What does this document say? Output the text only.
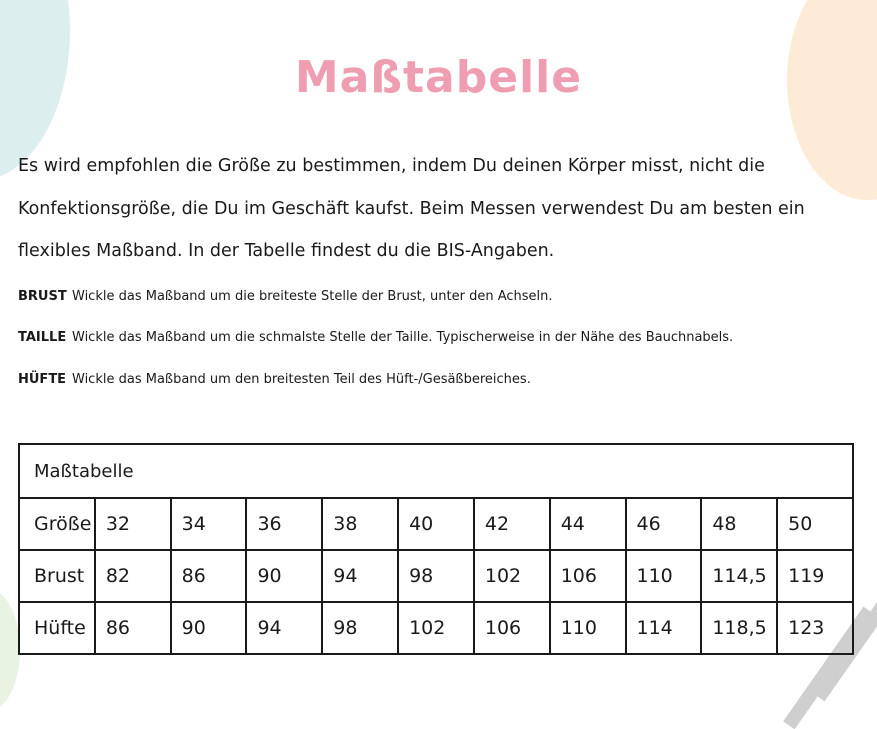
Maßtabelle
Es wird empfohlen die Größe zu bestimmen, indem Du deinen Körper misst, nicht die
Konfektionsgröße, die Du im Geschäft kaufst. Beim Messen verwendest Du am besten ein
flexibles Maßband. In der Tabelle findest du die BIS-Angaben.
BRUST Wickle das Maßband um die breiteste Stelle der Brust, unter den Achseln.
TAILLE Wickle das Maßband um die schmalste Stelle der Taille. Typischerweise in der Nähe des Bauchnabels.
HÜFTE Wickle das Maßband um den breitesten Teil des Hüft-/Gesäßbereiches.
Maßtabelle										
Größe	32	34	36	38	40	42	44	46	48	50
Brust	82	86	90	94	98	102	106	110	114,5	119
Hüfte	86	90	94	98	102	106	110	114	118,5	123
